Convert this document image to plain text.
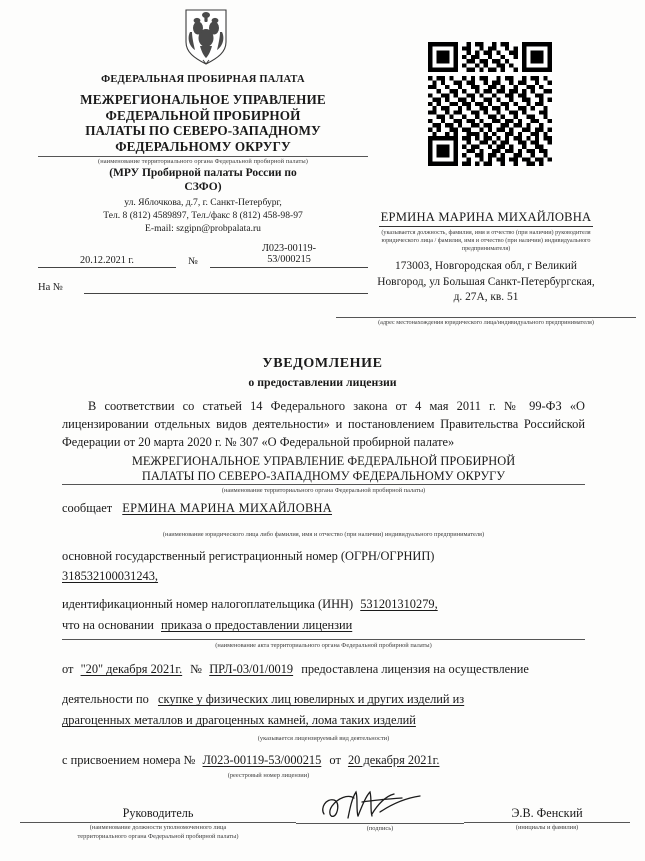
ФЕДЕРАЛЬНАЯ ПРОБИРНАЯ ПАЛАТА
МЕЖРЕГИОНАЛЬНОЕ УПРАВЛЕНИЕ
ФЕДЕРАЛЬНОЙ ПРОБИРНОЙ
ПАЛАТЫ ПО СЕВЕРО-ЗАПАДНОМУ
ФЕДЕРАЛЬНОМУ ОКРУГУ
(наименование территориального органа Федеральной пробирной палаты)
(МРУ Пробирной палаты России по
СЗФО)
ул. Яблочкова, д.7, г. Санкт-Петербург,
Тел. 8 (812) 4589897, Тел./факс 8 (812) 458-98-97
E-mail: szgipn@probpalata.ru
20.12.2021 г.	№
Л023-00119-
53/000215
На №
ЕРМИНА МАРИНА МИХАЙЛОВНА
(указывается должность, фамилия, имя и отчество (при наличии) руководителя
юридического лица / фамилия, имя и отчество (при наличии) индивидуального
предпринимателя)
173003, Новгородская обл, г Великий
Новгород, ул Большая Санкт-Петербургская,
д. 27А, кв. 51
(адрес местонахождения юридического лица/индивидуального предпринимателя)
УВЕДОМЛЕНИЕ
о предоставлении лицензии
В соответствии со статьей 14 Федерального закона от 4 мая 2011 г. № 99-ФЗ «О лицензировании отдельных видов деятельности» и постановлением Правительства Российской Федерации от 20 марта 2020 г. № 307 «О Федеральной пробирной палате»
МЕЖРЕГИОНАЛЬНОЕ УПРАВЛЕНИЕ ФЕДЕРАЛЬНОЙ ПРОБИРНОЙ
ПАЛАТЫ ПО СЕВЕРО-ЗАПАДНОМУ ФЕДЕРАЛЬНОМУ ОКРУГУ
(наименование территориального органа Федеральной пробирной палаты)
сообщает ЕРМИНА МАРИНА МИХАЙЛОВНА
(наименование юридического лица либо фамилия, имя и отчество (при наличии) индивидуального предпринимателя)
основной государственный регистрационный номер (ОГРН/ОГРНИП)
318532100031243,
идентификационный номер налогоплательщика (ИНН) 531201310279,
что на основании приказа о предоставлении лицензии
(наименование акта территориального органа Федеральной пробирной палаты)
от "20" декабря 2021г. № ПРЛ-03/01/0019 предоставлена лицензия на осуществление
деятельности по скупке у физических лиц ювелирных и других изделий из
драгоценных металлов и драгоценных камней, лома таких изделий
(указывается лицензируемый вид деятельности)
с присвоением номера № Л023-00119-53/000215 от 20 декабря 2021г.
(реестровый номер лицензии)
Руководитель
(наименование должности уполномоченного лица
территориального органа Федеральной пробирной палаты)
(подпись)
Э.В. Фенский
(инициалы и фамилия)
